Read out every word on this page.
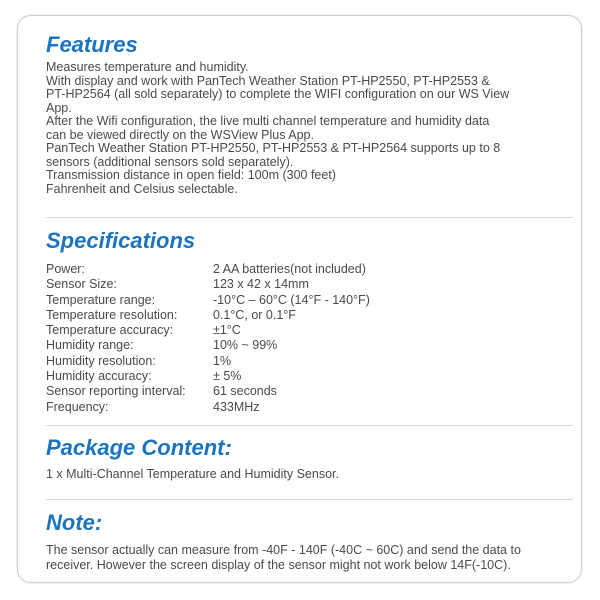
Features
Measures temperature and humidity.
With display and work with PanTech Weather Station PT-HP2550, PT-HP2553 &
PT-HP2564 (all sold separately) to complete the WIFI configuration on our WS View
App.
After the Wifi configuration, the live multi channel temperature and humidity data
can be viewed directly on the WSView Plus App.
PanTech Weather Station PT-HP2550, PT-HP2553 & PT-HP2564 supports up to 8
sensors (additional sensors sold separately).
Transmission distance in open field: 100m (300 feet)
Fahrenheit and Celsius selectable.
Specifications
Power:	2 AA batteries(not included)
Sensor Size:	123 x 42 x 14mm
Temperature range:	-10°C – 60°C (14°F - 140°F)
Temperature resolution:	0.1°C, or 0.1°F
Temperature accuracy:	±1°C
Humidity range:	10% ~ 99%
Humidity resolution:	1%
Humidity accuracy:	± 5%
Sensor reporting interval:	61 seconds
Frequency:	433MHz
Package Content:
1 x Multi-Channel Temperature and Humidity Sensor.
Note:
The sensor actually can measure from -40F - 140F (-40C ~ 60C) and send the data to
receiver. However the screen display of the sensor might not work below 14F(-10C).
